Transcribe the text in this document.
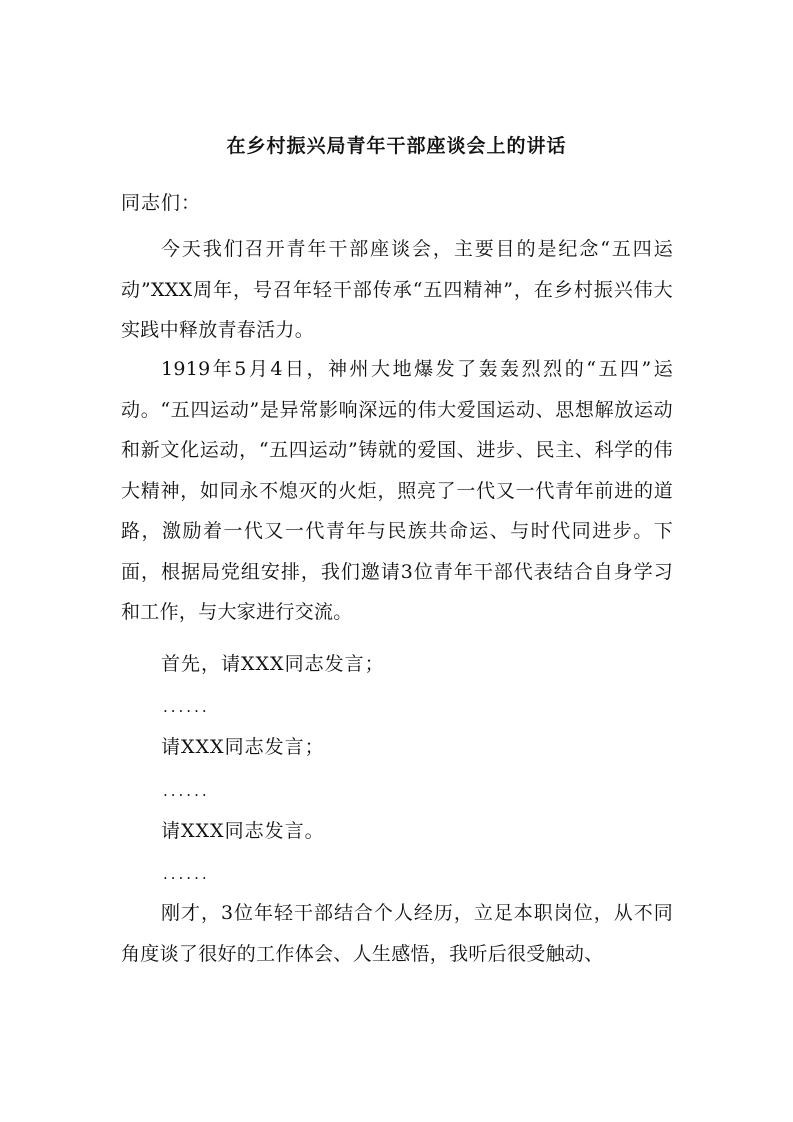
在乡村振兴局青年干部座谈会上的讲话

同志们：

今天我们召开青年干部座谈会，主要目的是纪念“五四运动”XXX周年，号召年轻干部传承“五四精神”，在乡村振兴伟大实践中释放青春活力。

1919年5月4日，神州大地爆发了轰轰烈烈的“五四”运动。“五四运动”是异常影响深远的伟大爱国运动、思想解放运动和新文化运动，“五四运动”铸就的爱国、进步、民主、科学的伟大精神，如同永不熄灭的火炬，照亮了一代又一代青年前进的道路，激励着一代又一代青年与民族共命运、与时代同进步。下面，根据局党组安排，我们邀请3位青年干部代表结合自身学习和工作，与大家进行交流。

首先，请XXX同志发言；

......

请XXX同志发言；

......

请XXX同志发言。

......

刚才，3位年轻干部结合个人经历，立足本职岗位，从不同角度谈了很好的工作体会、人生感悟，我听后很受触动、
